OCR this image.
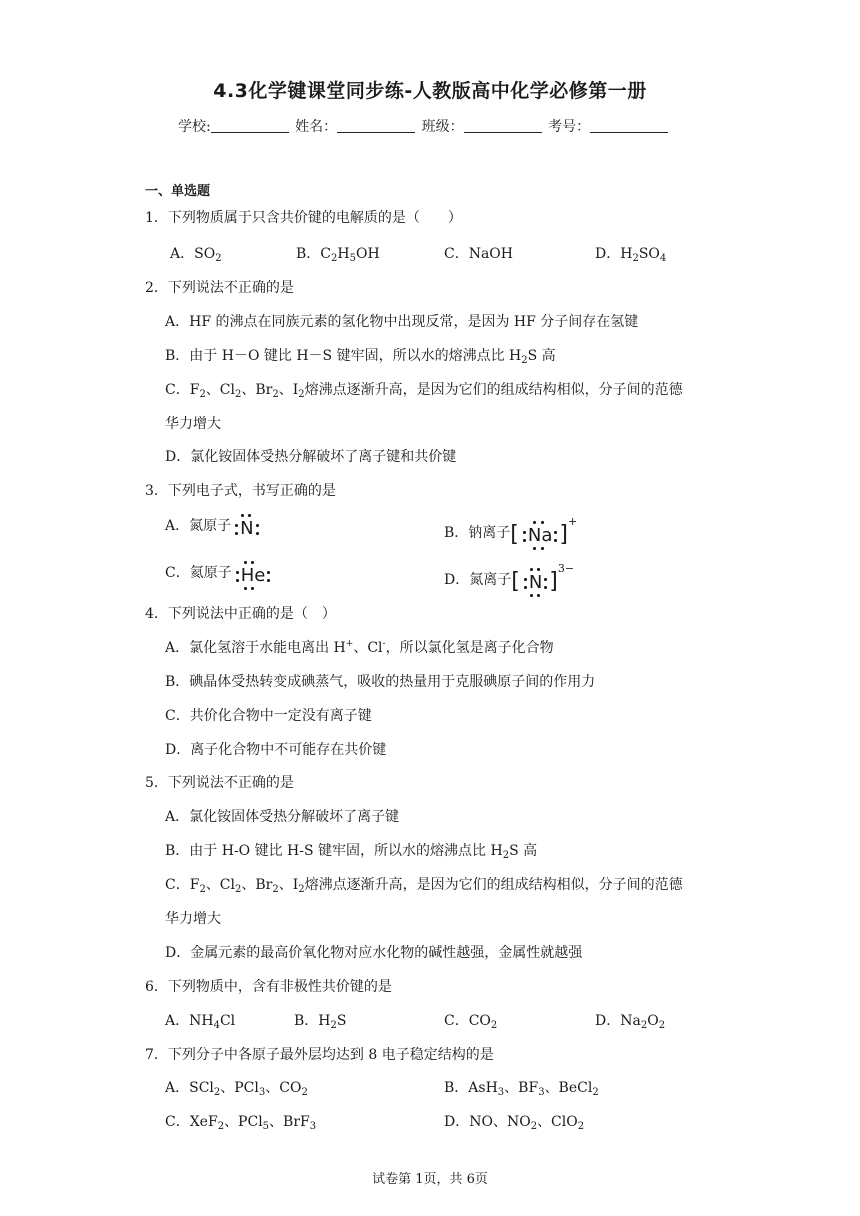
4.3化学键课堂同步练-人教版高中化学必修第一册
学校:	姓名：	班级：	考号：
一、单选题
1．下列物质属于只含共价键的电解质的是（　　）
A．$SO_2$	B．$C_2H_5OH$	C．NaOH	D．$H_2SO_4$
2．下列说法不正确的是
A．HF 的沸点在同族元素的氢化物中出现反常，是因为 HF 分子间存在氢键
B．由于 H－O 键比 H－S 键牢固，所以水的熔沸点比 $H_2S$ 高
C．$F_2$、$Cl_2$、$Br_2$、$I_2$熔沸点逐渐升高，是因为它们的组成结构相似，分子间的范德
华力增大
D．氯化铵固体受热分解破坏了离子键和共价键
3．下列电子式，书写正确的是
A．氮原子 N	B．钠离子[ Na ]+
C．氦原子 He	D．氮离子[ N ]$^{3-}$
4．下列说法中正确的是（　）
A．氯化氢溶于水能电离出 H+、Cl-，所以氯化氢是离子化合物
B．碘晶体受热转变成碘蒸气，吸收的热量用于克服碘原子间的作用力
C．共价化合物中一定没有离子键
D．离子化合物中不可能存在共价键
5．下列说法不正确的是
A．氯化铵固体受热分解破坏了离子键
B．由于 H-O 键比 H-S 键牢固，所以水的熔沸点比 $H_2S$ 高
C．$F_2$、$Cl_2$、$Br_2$、$I_2$熔沸点逐渐升高，是因为它们的组成结构相似，分子间的范德
华力增大
D．金属元素的最高价氧化物对应水化物的碱性越强，金属性就越强
6．下列物质中，含有非极性共价键的是
A．$NH_4Cl$	B．$H_2S$	C．$CO_2$	D．$Na_2O_2$
7．下列分子中各原子最外层均达到 8 电子稳定结构的是
A．SCl$_2$、PCl$_3$、$CO_2$	B．AsH$_3$、$BF_3$、BeCl$_2$
C．XeF$_2$、PCl$_5$、BrF$_3$	D．NO、$NO_2$、ClO$_2$
试卷第 1页，共 6页
